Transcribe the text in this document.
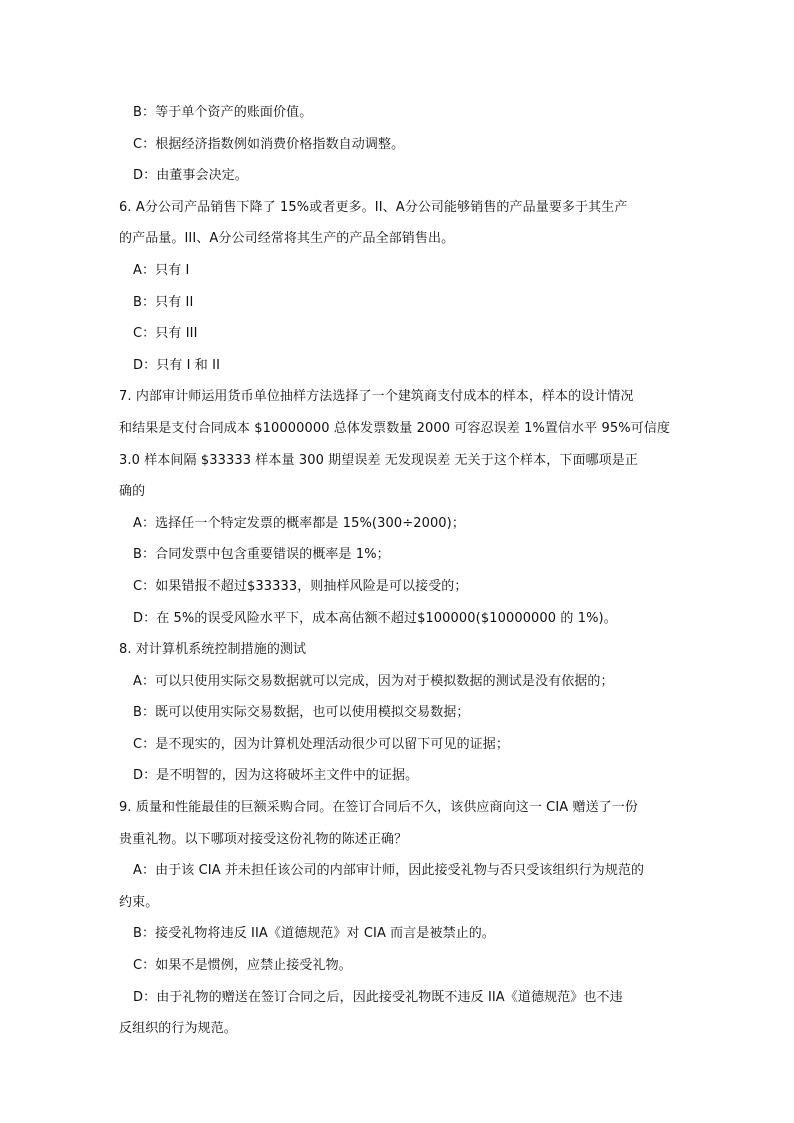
B：等于单个资产的账面价值。
C：根据经济指数例如消费价格指数自动调整。
D：由董事会决定。
6. A分公司产品销售下降了 15%或者更多。II、A分公司能够销售的产品量要多于其生产
的产品量。III、A分公司经常将其生产的产品全部销售出。
A：只有 I
B：只有 II
C：只有 III
D：只有 I 和 II
7. 内部审计师运用货币单位抽样方法选择了一个建筑商支付成本的样本，样本的设计情况
和结果是支付合同成本 $10000000 总体发票数量 2000 可容忍误差 1%置信水平 95%可信度
3.0 样本间隔 $33333 样本量 300 期望误差 无发现误差 无关于这个样本，下面哪项是正
确的
A：选择任一个特定发票的概率都是 15%(300÷2000)；
B：合同发票中包含重要错误的概率是 1%；
C：如果错报不超过$33333，则抽样风险是可以接受的；
D：在 5%的误受风险水平下，成本高估额不超过$100000($10000000 的 1%)。
8. 对计算机系统控制措施的测试
A：可以只使用实际交易数据就可以完成，因为对于模拟数据的测试是没有依据的；
B：既可以使用实际交易数据，也可以使用模拟交易数据；
C：是不现实的，因为计算机处理活动很少可以留下可见的证据；
D：是不明智的，因为这将破坏主文件中的证据。
9. 质量和性能最佳的巨额采购合同。在签订合同后不久，该供应商向这一 CIA 赠送了一份
贵重礼物。以下哪项对接受这份礼物的陈述正确？
A：由于该 CIA 并未担任该公司的内部审计师，因此接受礼物与否只受该组织行为规范的
约束。
B：接受礼物将违反 IIA《道德规范》对 CIA 而言是被禁止的。
C：如果不是惯例，应禁止接受礼物。
D：由于礼物的赠送在签订合同之后，因此接受礼物既不违反 IIA《道德规范》也不违
反组织的行为规范。
